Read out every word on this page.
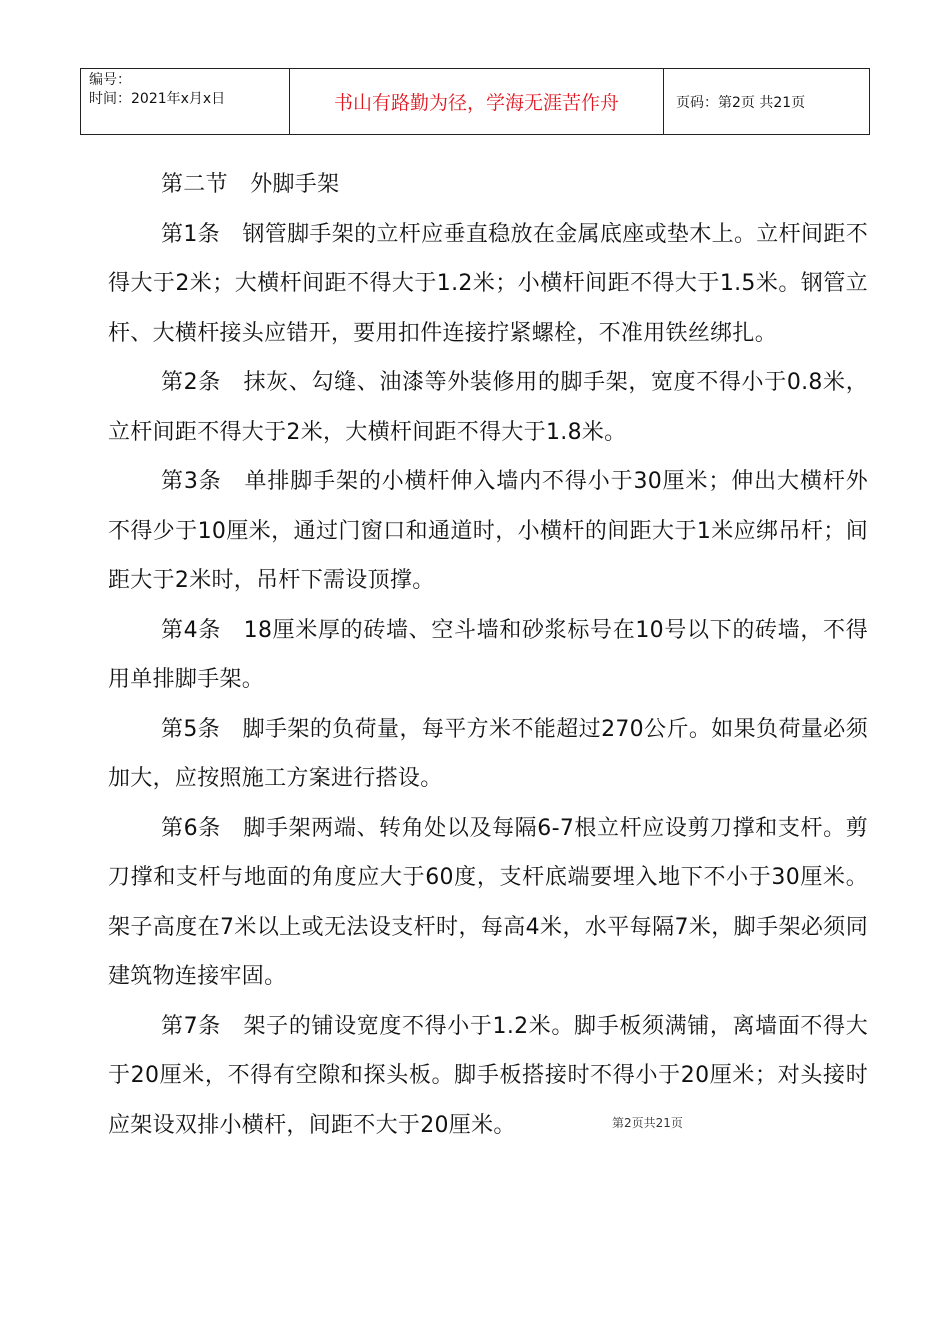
编号：
时间：2021年x月x日	书山有路勤为径，学海无涯苦作舟	页码：第2页 共21页

第二节　外脚手架

第1条　钢管脚手架的立杆应垂直稳放在金属底座或垫木上。立杆间距不得大于2米；大横杆间距不得大于1.2米；小横杆间距不得大于1.5米。钢管立杆、大横杆接头应错开，要用扣件连接拧紧螺栓，不准用铁丝绑扎。

第2条　抹灰、勾缝、油漆等外装修用的脚手架，宽度不得小于0.8米，立杆间距不得大于2米，大横杆间距不得大于1.8米。

第3条　单排脚手架的小横杆伸入墙内不得小于30厘米；伸出大横杆外不得少于10厘米，通过门窗口和通道时，小横杆的间距大于1米应绑吊杆；间距大于2米时，吊杆下需设顶撑。

第4条　18厘米厚的砖墙、空斗墙和砂浆标号在10号以下的砖墙，不得用单排脚手架。

第5条　脚手架的负荷量，每平方米不能超过270公斤。如果负荷量必须加大，应按照施工方案进行搭设。

第6条　脚手架两端、转角处以及每隔6-7根立杆应设剪刀撑和支杆。剪刀撑和支杆与地面的角度应大于60度，支杆底端要埋入地下不小于30厘米。架子高度在7米以上或无法设支杆时，每高4米，水平每隔7米，脚手架必须同建筑物连接牢固。

第7条　架子的铺设宽度不得小于1.2米。脚手板须满铺，离墙面不得大于20厘米，不得有空隙和探头板。脚手板搭接时不得小于20厘米；对头接时应架设双排小横杆，间距不大于20厘米。	第2页共21页
